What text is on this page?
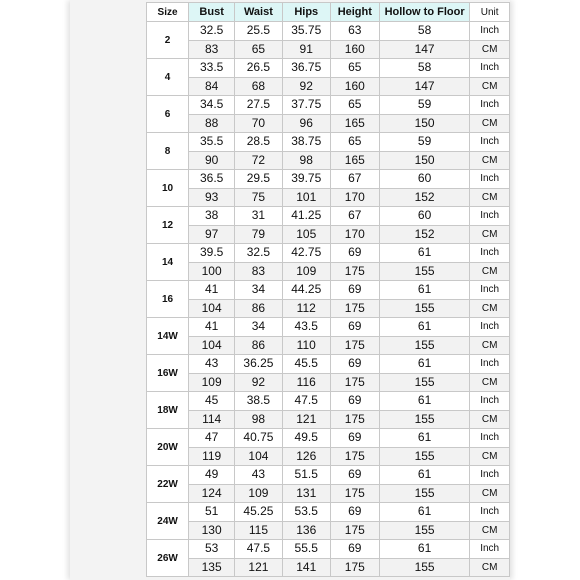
Size	Bust	Waist	Hips	Height	Hollow to Floor	Unit
2	32.5	25.5	35.75	63	58	Inch
	83	65	91	160	147	CM
4	33.5	26.5	36.75	65	58	Inch
	84	68	92	160	147	CM
6	34.5	27.5	37.75	65	59	Inch
	88	70	96	165	150	CM
8	35.5	28.5	38.75	65	59	Inch
	90	72	98	165	150	CM
10	36.5	29.5	39.75	67	60	Inch
	93	75	101	170	152	CM
12	38	31	41.25	67	60	Inch
	97	79	105	170	152	CM
14	39.5	32.5	42.75	69	61	Inch
	100	83	109	175	155	CM
16	41	34	44.25	69	61	Inch
	104	86	112	175	155	CM
14W	41	34	43.5	69	61	Inch
	104	86	110	175	155	CM
16W	43	36.25	45.5	69	61	Inch
	109	92	116	175	155	CM
18W	45	38.5	47.5	69	61	Inch
	114	98	121	175	155	CM
20W	47	40.75	49.5	69	61	Inch
	119	104	126	175	155	CM
22W	49	43	51.5	69	61	Inch
	124	109	131	175	155	CM
24W	51	45.25	53.5	69	61	Inch
	130	115	136	175	155	CM
26W	53	47.5	55.5	69	61	Inch
	135	121	141	175	155	CM
